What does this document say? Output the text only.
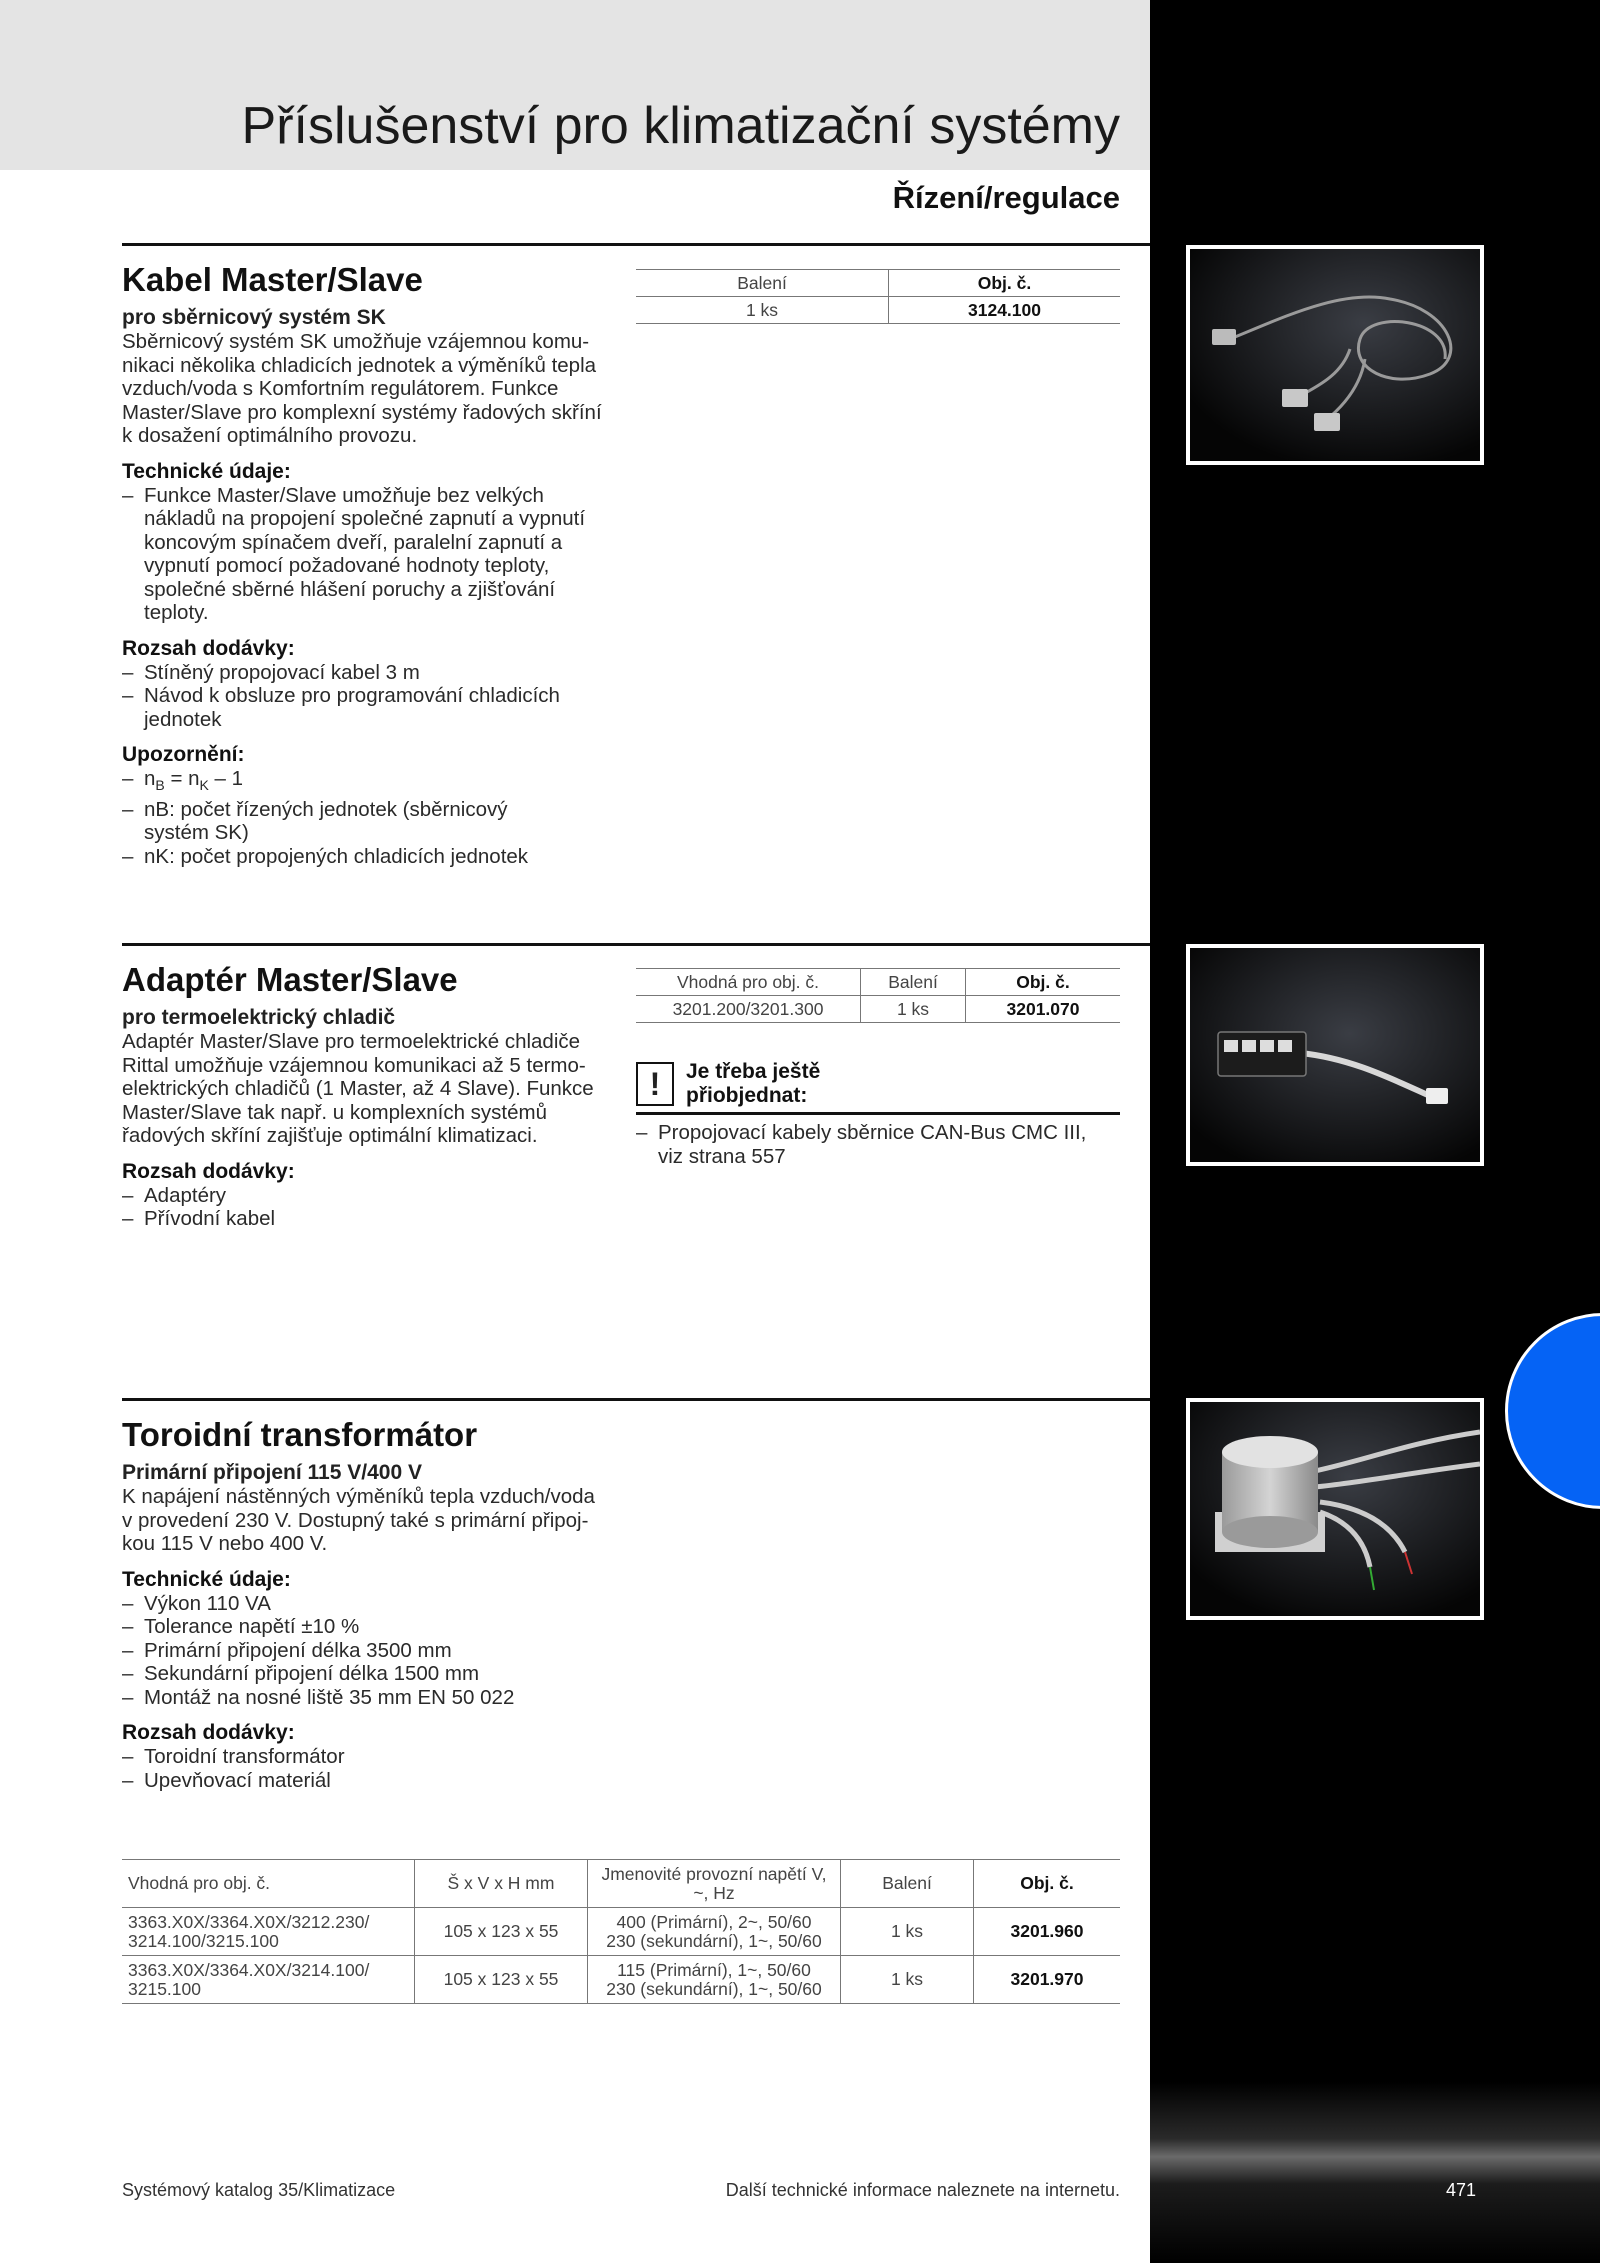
Příslušenství pro klimatizační systémy
Řízení/regulace
Kabel Master/Slave
pro sběrnicový systém SK

Sběrnicový systém SK umožňuje vzájemnou komu-
nikaci několika chladicích jednotek a výměníků tepla
vzduch/voda s Komfortním regulátorem. Funkce
Master/Slave pro komplexní systémy řadových skříní
k dosažení optimálního provozu.

Technické údaje:
– Funkce Master/Slave umožňuje bez velkých
nákladů na propojení společné zapnutí a vypnutí
koncovým spínačem dveří, paralelní zapnutí a
vypnutí pomocí požadované hodnoty teploty,
společné sběrné hlášení poruchy a zjišťování
teploty.
Rozsah dodávky:
– Stíněný propojovací kabel 3 m
– Návod k obsluze pro programování chladicích
jednotek
Upozornění:
– $n_B = n_K - 1$
– nB: počet řízených jednotek (sběrnicový
systém SK)
– nK: počet propojených chladicích jednotek
Balení	Obj. č.
1 ks	3124.100
Adaptér Master/Slave
pro termoelektrický chladič

Adaptér Master/Slave pro termoelektrické chladiče
Rittal umožňuje vzájemnou komunikaci až 5 termo-
elektrických chladičů (1 Master, až 4 Slave). Funkce
Master/Slave tak např. u komplexních systémů
řadových skříní zajišťuje optimální klimatizaci.

Rozsah dodávky:
– Adaptéry
– Přívodní kabel
Vhodná pro obj. č.	Balení	Obj. č.
3201.200/3201.300	1 ks	3201.070
!	Je třeba ještě
přiobjednat:
– Propojovací kabely sběrnice CAN-Bus CMC III,
viz strana 557
Toroidní transformátor
Primární připojení 115 V/400 V

K napájení nástěnných výměníků tepla vzduch/voda
v provedení 230 V. Dostupný také s primární připoj-
kou 115 V nebo 400 V.

Technické údaje:
– Výkon 110 VA
– Tolerance napětí ±10 %
– Primární připojení délka 3500 mm
– Sekundární připojení délka 1500 mm
– Montáž na nosné liště 35 mm EN 50 022
Rozsah dodávky:
– Toroidní transformátor
– Upevňovací materiál
Vhodná pro obj. č.	Š x V x H mm	Jmenovité provozní napětí V, ~, Hz	Balení	Obj. č.
3363.X0X/3364.X0X/3212.230/
3214.100/3215.100	105 x 123 x 55	400 (Primární), 2~, 50/60
230 (sekundární), 1~, 50/60	1 ks	3201.960
3363.X0X/3364.X0X/3214.100/
3215.100	105 x 123 x 55	115 (Primární), 1~, 50/60
230 (sekundární), 1~, 50/60	1 ks	3201.970
Systémový katalog 35/Klimatizace	Další technické informace naleznete na internetu.	471
